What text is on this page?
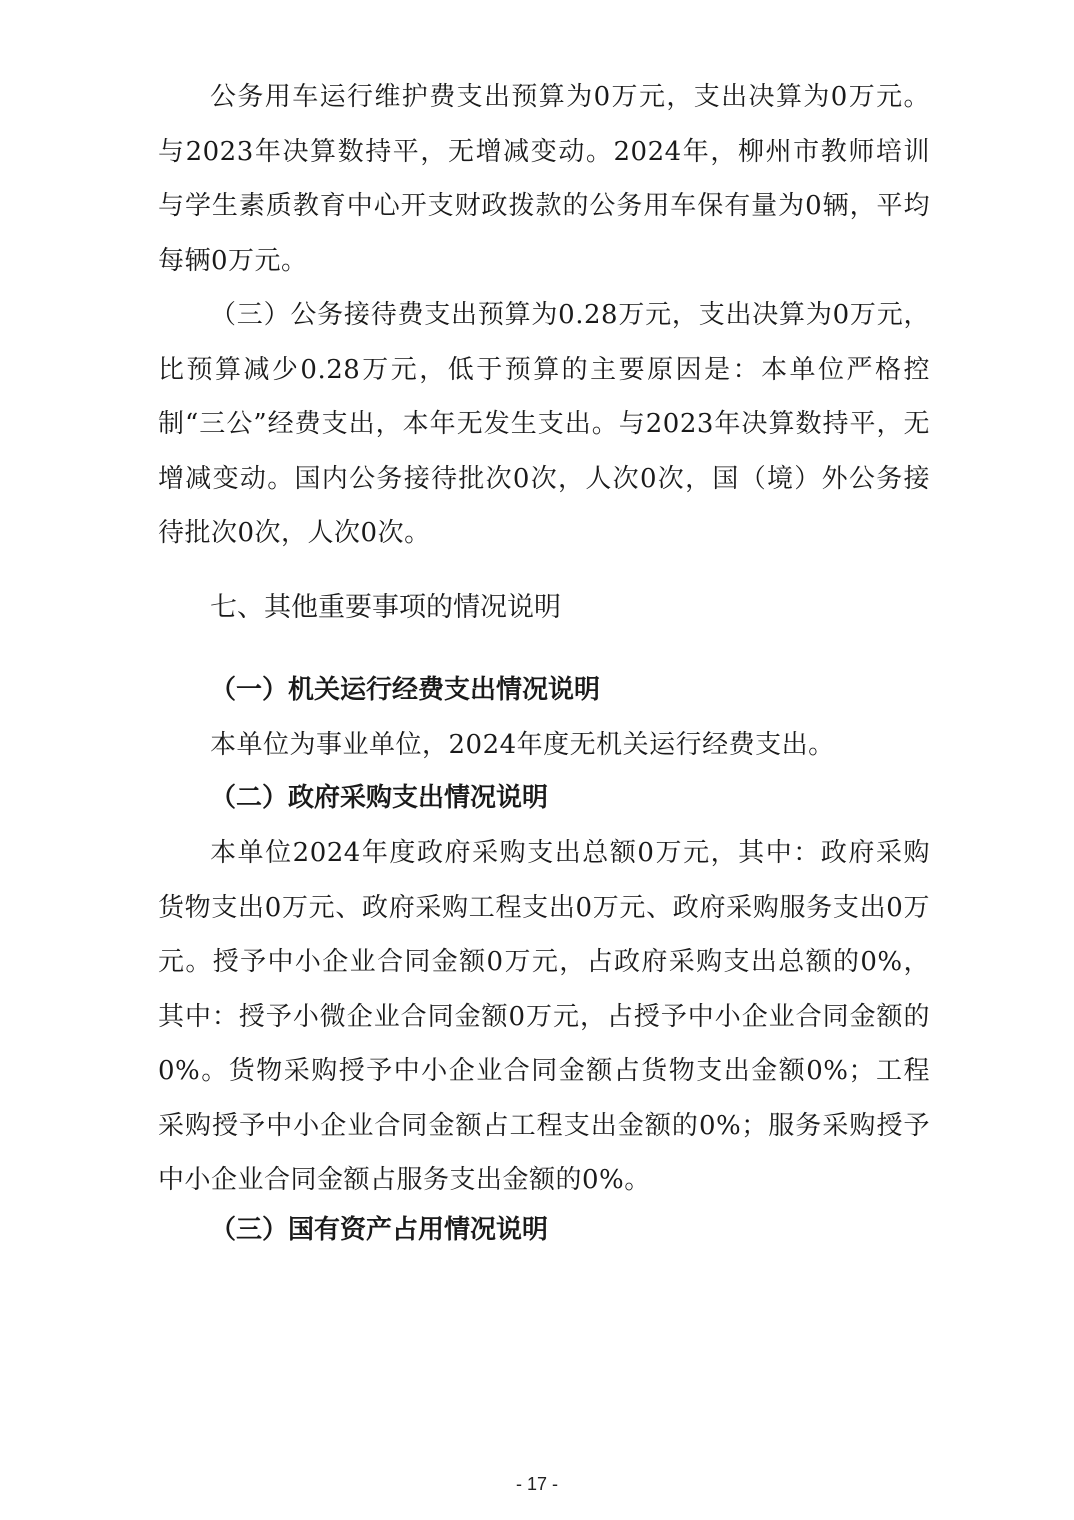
公务用车运行维护费支出预算为0万元，支出决算为0万元。与2023年决算数持平，无增减变动。2024年，柳州市教师培训与学生素质教育中心开支财政拨款的公务用车保有量为0辆，平均每辆0万元。

（三）公务接待费支出预算为0.28万元，支出决算为0万元，比预算减少0.28万元，低于预算的主要原因是：本单位严格控制“三公”经费支出，本年无发生支出。与2023年决算数持平，无增减变动。国内公务接待批次0次，人次0次，国（境）外公务接待批次0次，人次0次。

七、其他重要事项的情况说明
（一）机关运行经费支出情况说明

本单位为事业单位，2024年度无机关运行经费支出。

（二）政府采购支出情况说明

本单位2024年度政府采购支出总额0万元，其中：政府采购货物支出0万元、政府采购工程支出0万元、政府采购服务支出0万元。授予中小企业合同金额0万元，占政府采购支出总额的0%，其中：授予小微企业合同金额0万元，占授予中小企业合同金额的0%。货物采购授予中小企业合同金额占货物支出金额0%；工程采购授予中小企业合同金额占工程支出金额的0%；服务采购授予中小企业合同金额占服务支出金额的0%。

（三）国有资产占用情况说明
- 17 -
